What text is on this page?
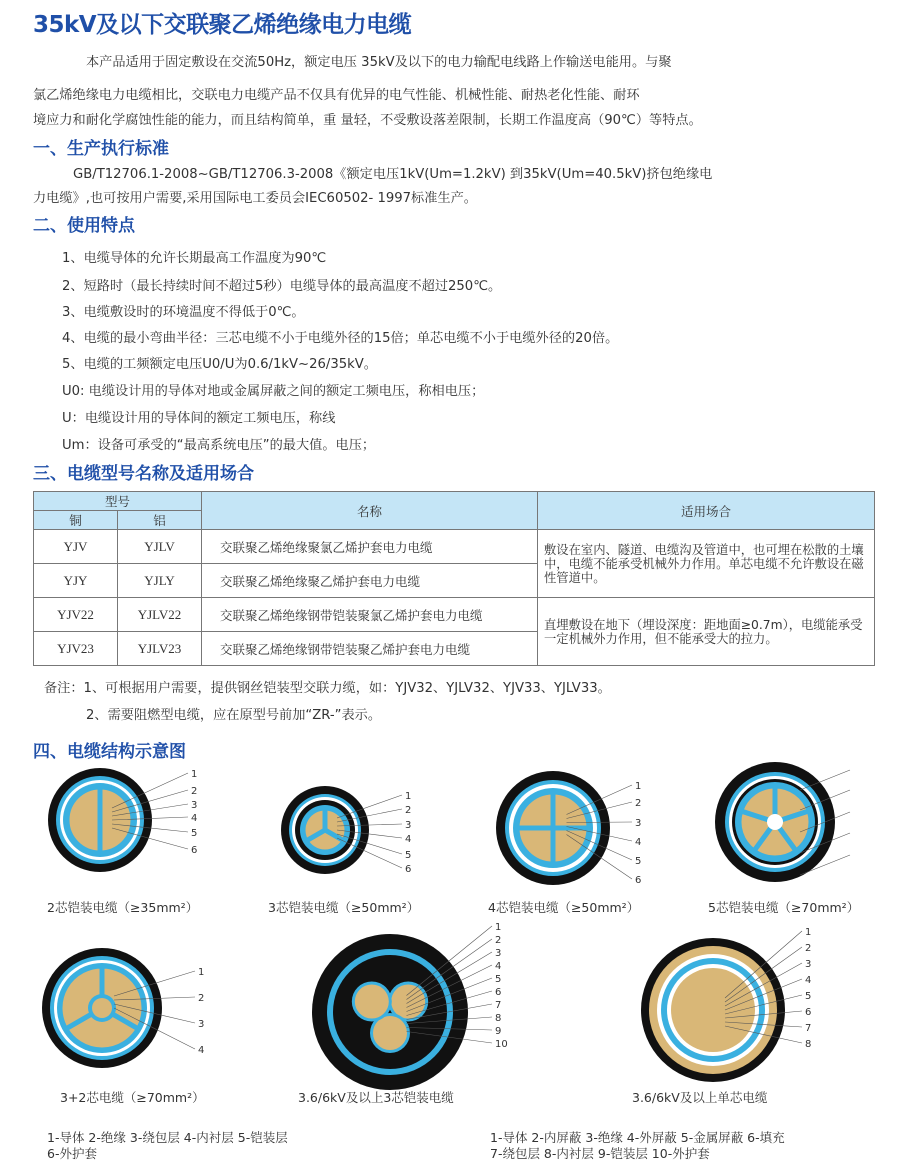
35kV及以下交联聚乙烯绝缘电力电缆
本产品适用于固定敷设在交流50Hz，额定电压 35kV及以下的电力输配电线路上作输送电能用。与聚
氯乙烯绝缘电力电缆相比，交联电力电缆产品不仅具有优异的电气性能、机械性能、耐热老化性能、耐环
境应力和耐化学腐蚀性能的能力，而且结构简单，重 量轻，不受敷设落差限制，长期工作温度高（90℃）等特点。
一、生产执行标准
GB/T12706.1-2008~GB/T12706.3-2008《额定电压1kV(Um=1.2kV) 到35kV(Um=40.5kV)挤包绝缘电
力电缆》,也可按用户需要,采用国际电工委员会IEC60502- 1997标准生产。
二、使用特点
1、电缆导体的允许长期最高工作温度为90℃
2、短路时（最长持续时间不超过5秒）电缆导体的最高温度不超过250℃。
3、电缆敷设时的环境温度不得低于0℃。
4、电缆的最小弯曲半径：三芯电缆不小于电缆外径的15倍；单芯电缆不小于电缆外径的20倍。
5、电缆的工频额定电压U0/U为0.6/1kV~26/35kV。
U0: 电缆设计用的导体对地或金属屏蔽之间的额定工频电压，称相电压；
U：电缆设计用的导体间的额定工频电压，称线
Um：设备可承受的“最高系统电压”的最大值。电压；
三、电缆型号名称及适用场合
型号		名称	适用场合
铜	铝		
YJV	YJLV	交联聚乙烯绝缘聚氯乙烯护套电力电缆	敷设在室内、隧道、电缆沟及管道中，也可埋在松散的土壤中，电缆不能承受机械外力作用。单芯电缆不允许敷设在磁性管道中。
YJY	YJLY	交联聚乙烯绝缘聚乙烯护套电力电缆	
YJV22	YJLV22	交联聚乙烯绝缘钢带铠装聚氯乙烯护套电力电缆	直埋敷设在地下（埋设深度：距地面≥0.7m），电缆能承受一定机械外力作用，但不能承受大的拉力。
YJV23	YJLV23	交联聚乙烯绝缘钢带铠装聚乙烯护套电力电缆	
备注：1、可根据用户需要，提供钢丝铠装型交联力缆，如：YJV32、YJLV32、YJV33、YJLV33。
2、需要阻燃型电缆，应在原型号前加“ZR-”表示。
四、电缆结构示意图
1
2
3
4
5
6
1
2
3
4
5
6
1
2
3
4
5
6
1
2
3
4
1
2
3
4
5
6
7
8
9
10
1
2
3
4
5
6
7
8
2芯铠装电缆（≥35mm²）	3芯铠装电缆（≥50mm²）	4芯铠装电缆（≥50mm²）	5芯铠装电缆（≥70mm²）
3+2芯电缆（≥70mm²）	3.6/6kV及以上3芯铠装电缆	3.6/6kV及以上单芯电缆
1-导体 2-绝缘 3-绕包层 4-内衬层 5-铠装层
6-外护套
1-导体 2-内屏蔽 3-绝缘 4-外屏蔽 5-金属屏蔽 6-填充
7-绕包层 8-内衬层 9-铠装层 10-外护套
